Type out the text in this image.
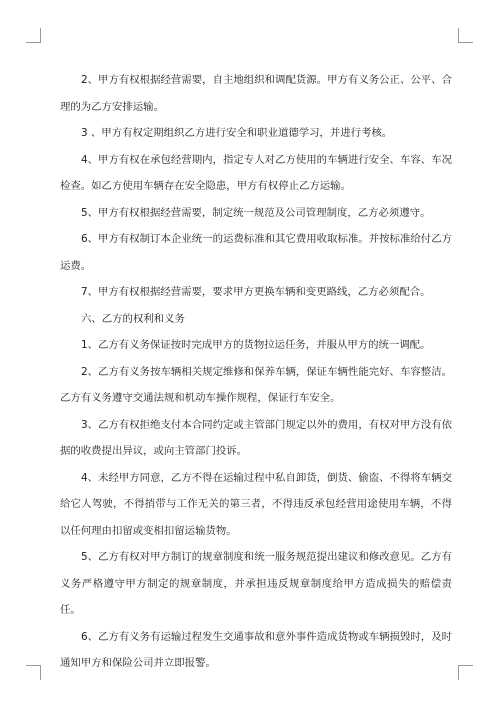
2、甲方有权根据经营需要，自主地组织和调配货源。甲方有义务公正、公平、合理的为乙方安排运输。

3 、甲方有权定期组织乙方进行安全和职业道德学习，并进行考核。

4、甲方有权在承包经营期内，指定专人对乙方使用的车辆进行安全、车容、车况检查。如乙方使用车辆存在安全隐患，甲方有权停止乙方运输。

5、甲方有权根据经营需要，制定统一规范及公司管理制度，乙方必须遵守。

6、甲方有权制订本企业统一的运费标准和其它费用收取标准。并按标准给付乙方运费。

7、甲方有权根据经营需要，要求甲方更换车辆和变更路线，乙方必须配合。

六、乙方的权利和义务

1、乙方有义务保证按时完成甲方的货物拉运任务，并服从甲方的统一调配。

2、乙方有义务按车辆相关规定维修和保养车辆，保证车辆性能完好、车容整洁。乙方有义务遵守交通法规和机动车操作规程，保证行车安全。

3、乙方有权拒绝支付本合同约定或主管部门规定以外的费用，有权对甲方没有依据的收费提出异议，或向主管部门投诉。

4、未经甲方同意，乙方不得在运输过程中私自卸货，倒货、偷盗、不得将车辆交给它人驾驶，不得捎带与工作无关的第三者，不得违反承包经营用途使用车辆，不得以任何理由扣留或变相扣留运输货物。

5、乙方有权对甲方制订的规章制度和统一服务规范提出建议和修改意见。乙方有义务严格遵守甲方制定的规章制度，并承担违反规章制度给甲方造成损失的赔偿责任。

6、乙方有义务有运输过程发生交通事故和意外事件造成货物或车辆损毁时，及时通知甲方和保险公司并立即报警。
